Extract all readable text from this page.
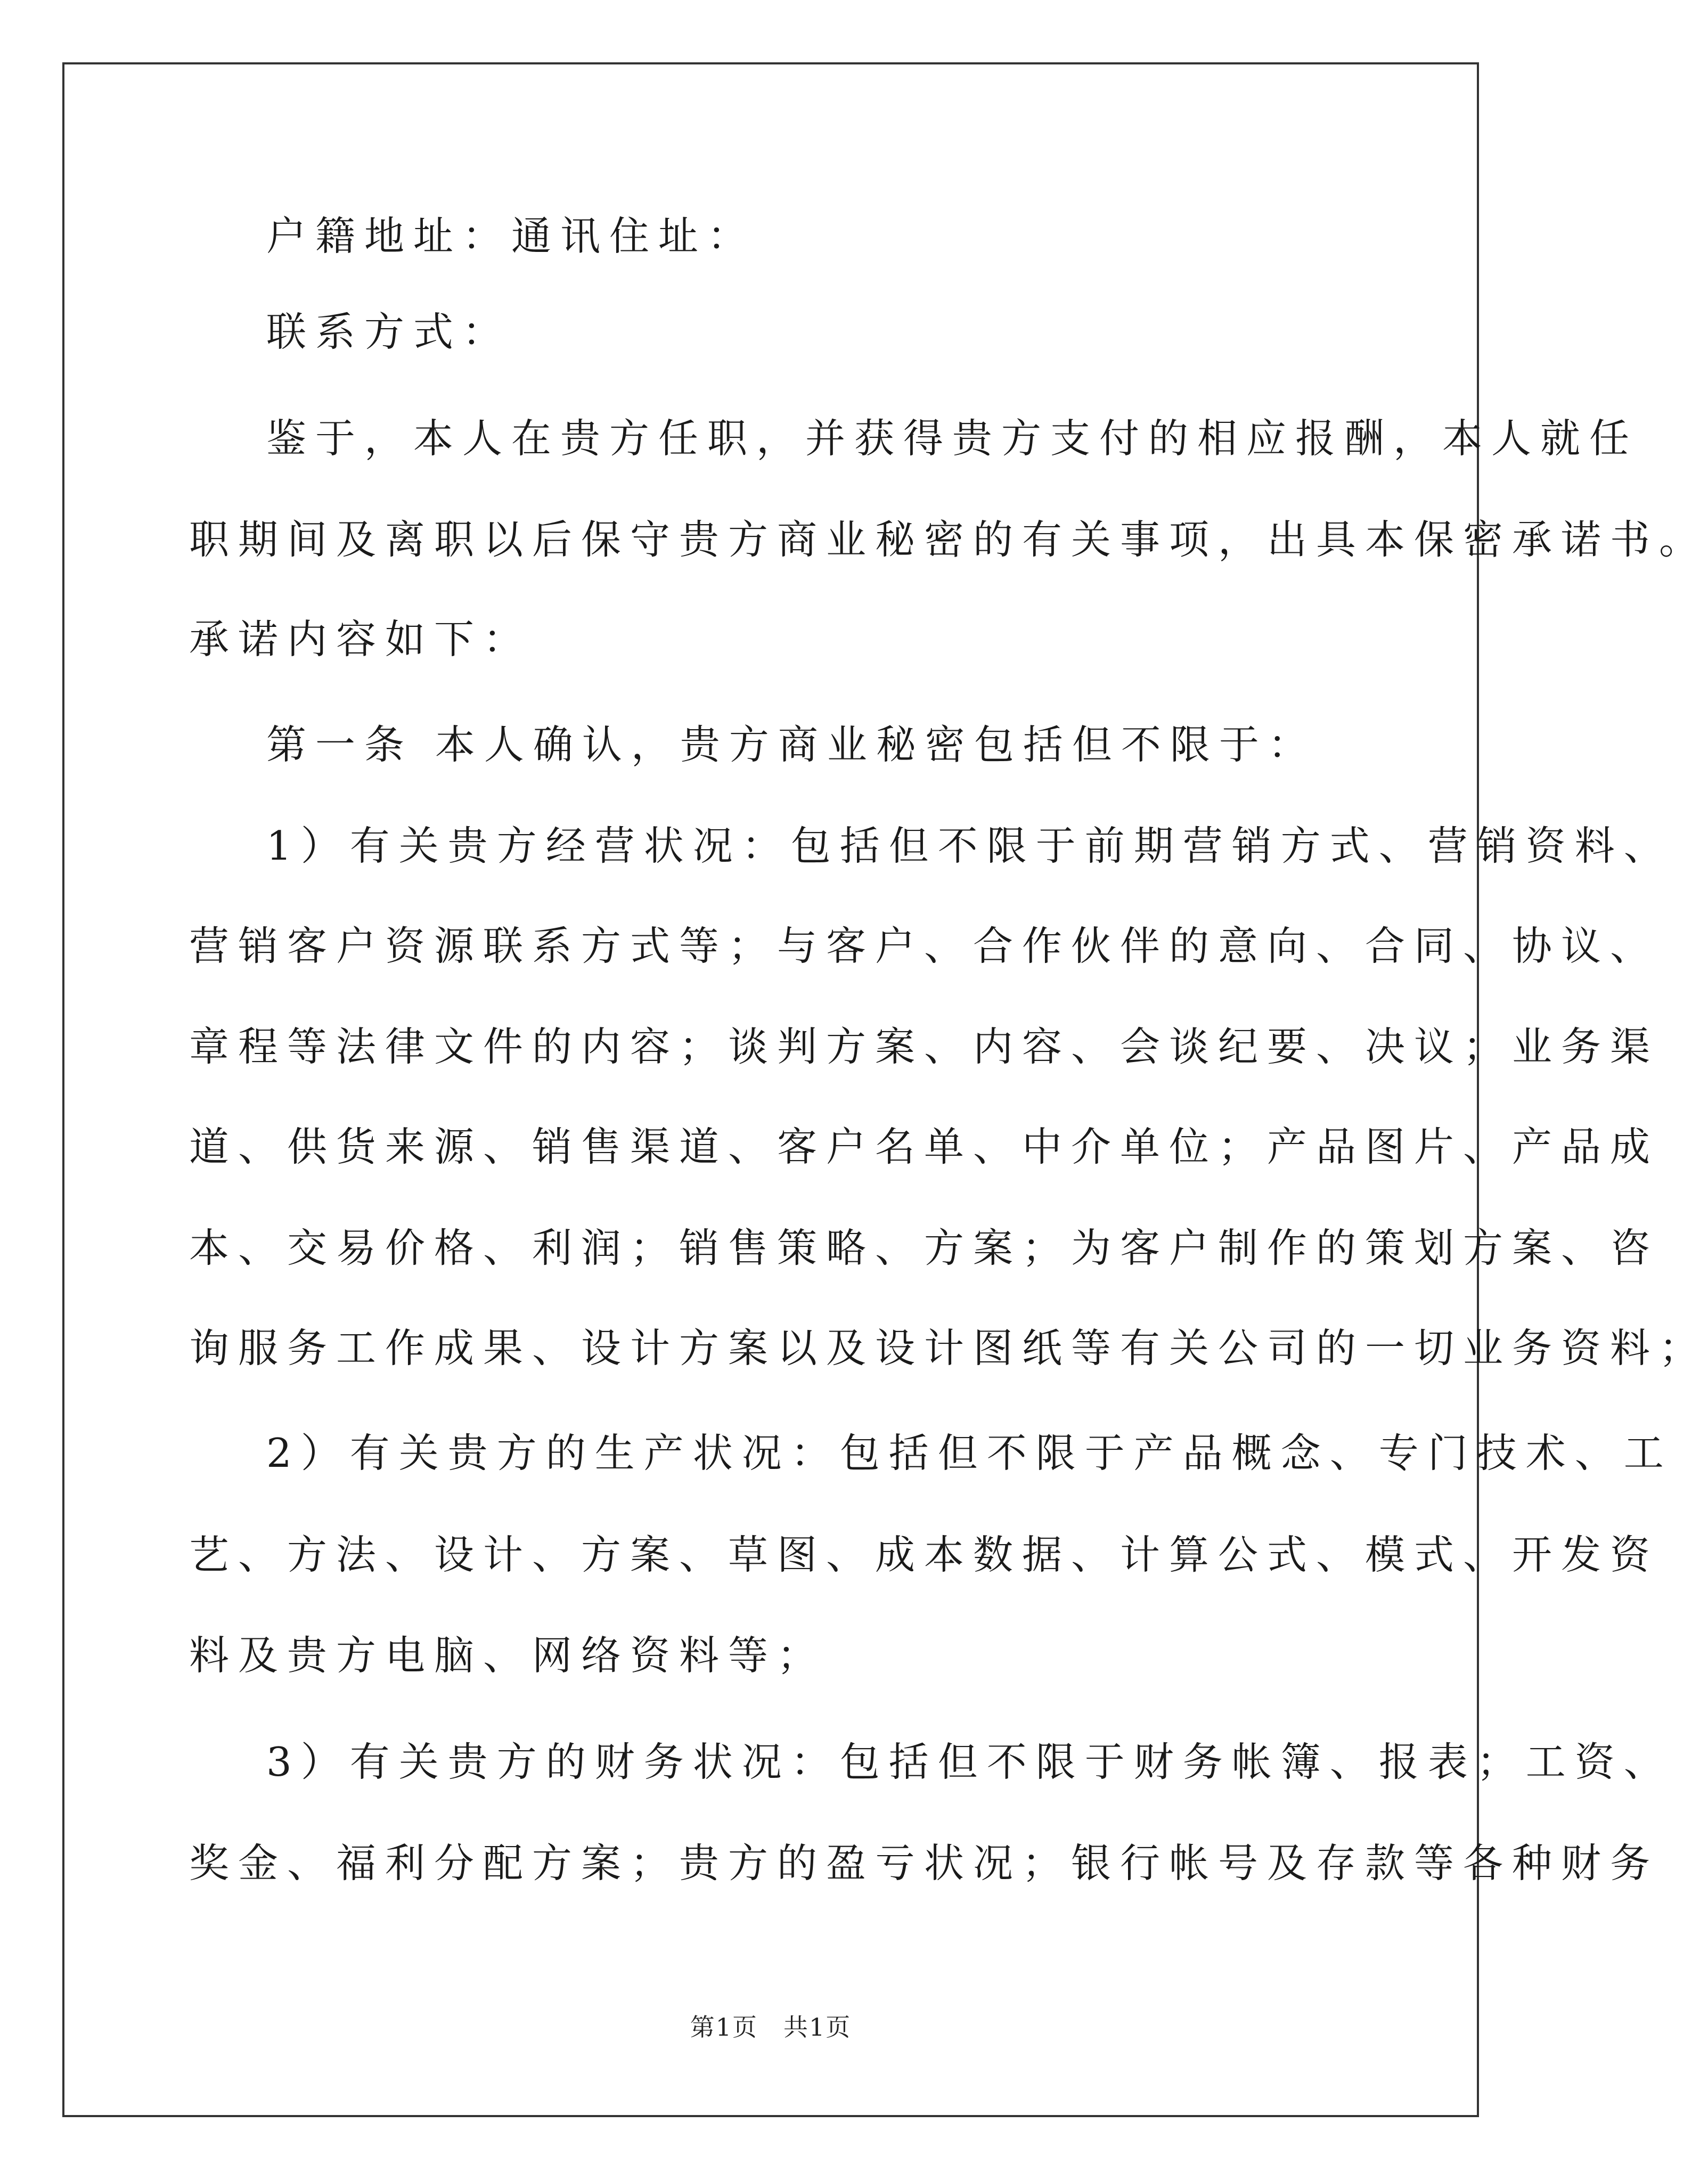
户籍地址：通讯住址：
联系方式：
鉴于，本人在贵方任职，并获得贵方支付的相应报酬，本人就任
职期间及离职以后保守贵方商业秘密的有关事项，出具本保密承诺书。
承诺内容如下：
第一条 本人确认，贵方商业秘密包括但不限于：
1）有关贵方经营状况：包括但不限于前期营销方式、营销资料、
营销客户资源联系方式等；与客户、合作伙伴的意向、合同、协议、
章程等法律文件的内容；谈判方案、内容、会谈纪要、决议；业务渠
道、供货来源、销售渠道、客户名单、中介单位；产品图片、产品成
本、交易价格、利润；销售策略、方案；为客户制作的策划方案、咨
询服务工作成果、设计方案以及设计图纸等有关公司的一切业务资料；
2）有关贵方的生产状况：包括但不限于产品概念、专门技术、工
艺、方法、设计、方案、草图、成本数据、计算公式、模式、开发资
料及贵方电脑、网络资料等；
3）有关贵方的财务状况：包括但不限于财务帐簿、报表；工资、
奖金、福利分配方案；贵方的盈亏状况；银行帐号及存款等各种财务
第1页 共1页
